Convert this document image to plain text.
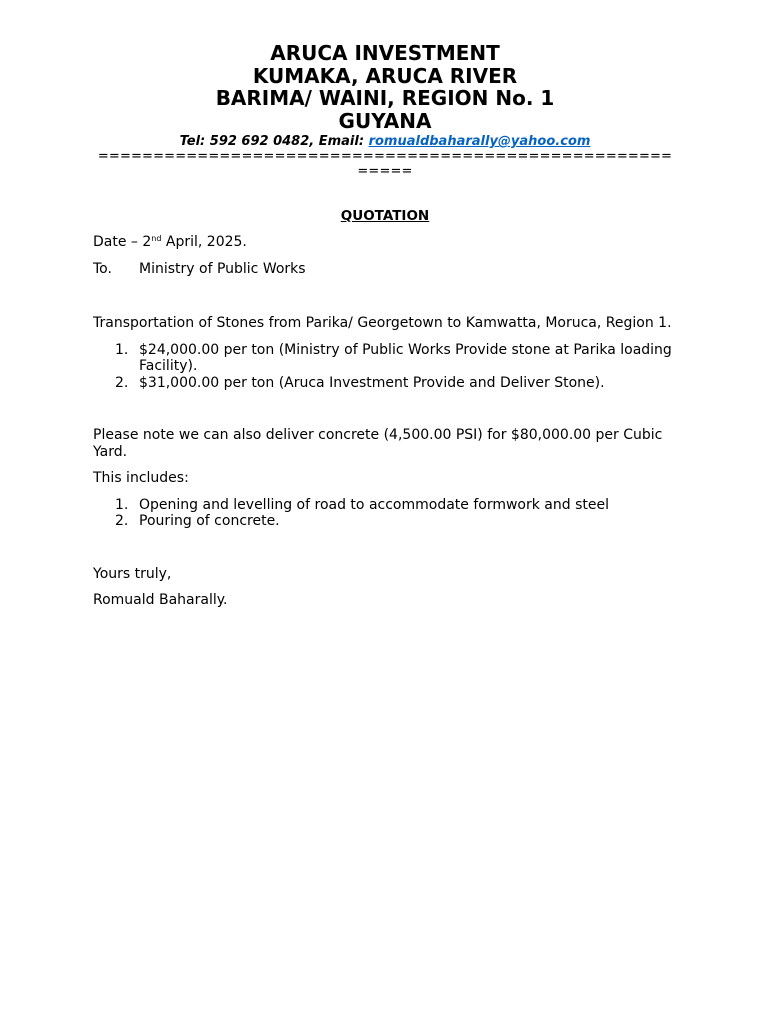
ARUCA INVESTMENT
KUMAKA, ARUCA RIVER
BARIMA/ WAINI, REGION No. 1
GUYANA
Tel: 592 692 0482, Email: romualdbaharally@yahoo.com
=========================================================
QUOTATION

Date – 2nd April, 2025.

To.	Ministry of Public Works

Transportation of Stones from Parika/ Georgetown to Kamwatta, Moruca, Region 1.

1. $24,000.00 per ton (Ministry of Public Works Provide stone at Parika loading Facility).
2. $31,000.00 per ton (Aruca Investment Provide and Deliver Stone).

Please note we can also deliver concrete (4,500.00 PSI) for $80,000.00 per Cubic Yard.

This includes:

1. Opening and levelling of road to accommodate formwork and steel
2. Pouring of concrete.

Yours truly,

Romuald Baharally.
